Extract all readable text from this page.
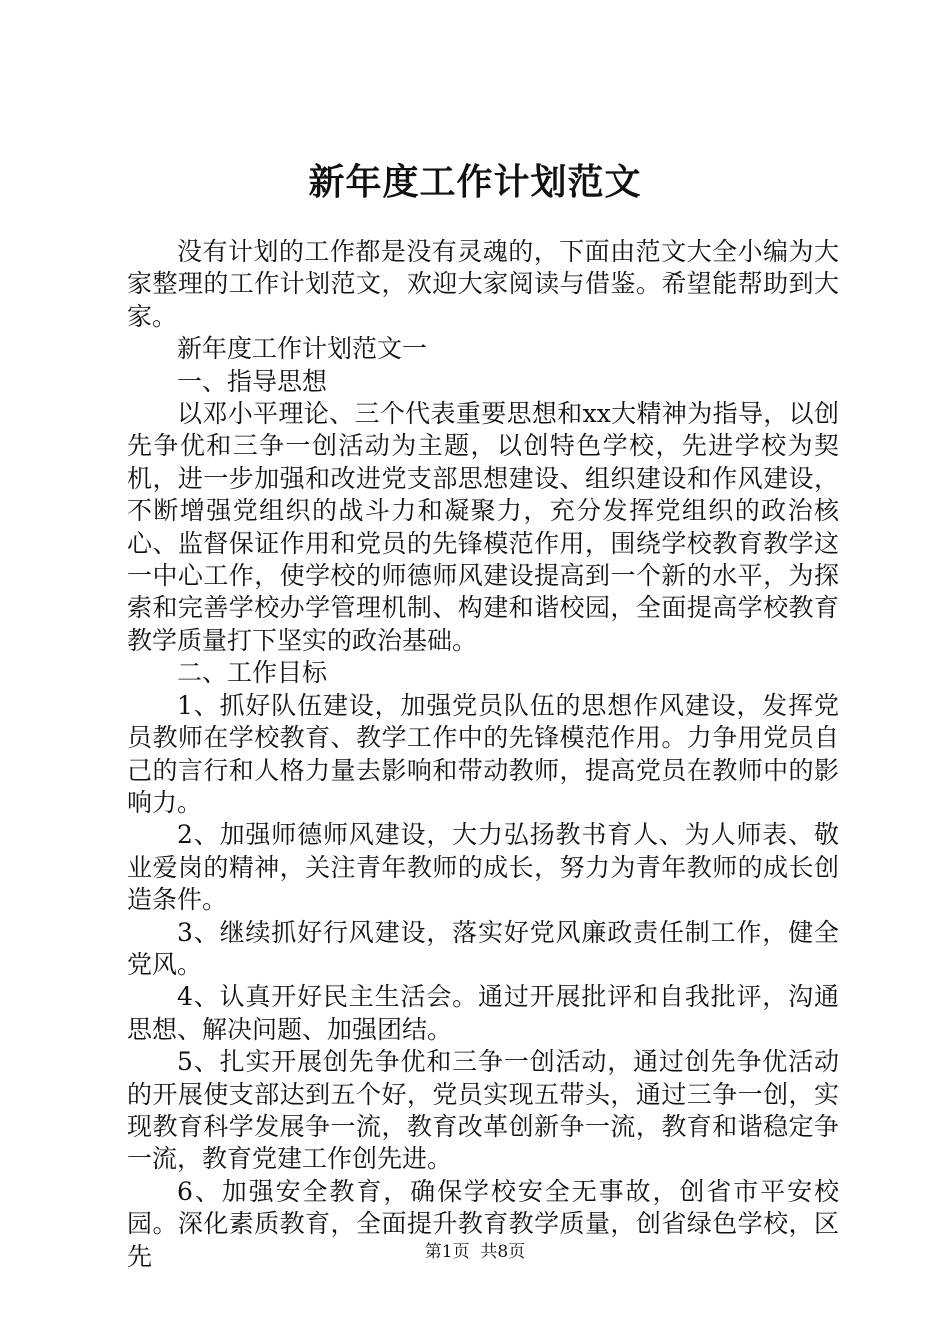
新年度工作计划范文

没有计划的工作都是没有灵魂的，下面由范文大全小编为大家整理的工作计划范文，欢迎大家阅读与借鉴。希望能帮助到大家。

新年度工作计划范文一

一、指导思想

以邓小平理论、三个代表重要思想和xx大精神为指导，以创先争优和三争一创活动为主题，以创特色学校，先进学校为契机，进一步加强和改进党支部思想建设、组织建设和作风建设，不断增强党组织的战斗力和凝聚力，充分发挥党组织的政治核心、监督保证作用和党员的先锋模范作用，围绕学校教育教学这一中心工作，使学校的师德师风建设提高到一个新的水平，为探索和完善学校办学管理机制、构建和谐校园，全面提高学校教育教学质量打下坚实的政治基础。

二、工作目标

1、抓好队伍建设，加强党员队伍的思想作风建设，发挥党员教师在学校教育、教学工作中的先锋模范作用。力争用党员自己的言行和人格力量去影响和带动教师，提高党员在教师中的影响力。

2、加强师德师风建设，大力弘扬教书育人、为人师表、敬业爱岗的精神，关注青年教师的成长，努力为青年教师的成长创造条件。

3、继续抓好行风建设，落实好党风廉政责任制工作，健全党风。

4、认真开好民主生活会。通过开展批评和自我批评，沟通思想、解决问题、加强团结。

5、扎实开展创先争优和三争一创活动，通过创先争优活动的开展使支部达到五个好，党员实现五带头，通过三争一创，实现教育科学发展争一流，教育改革创新争一流，教育和谐稳定争一流，教育党建工作创先进。

6、加强安全教育，确保学校安全无事故，创省市平安校园。深化素质教育，全面提升教育教学质量，创省绿色学校，区先	第1页 共8页
